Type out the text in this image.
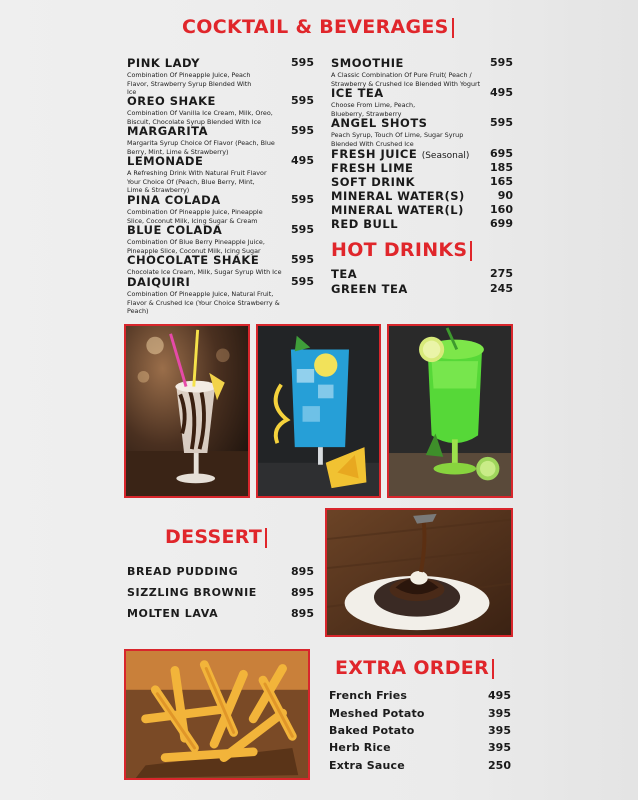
COCKTAIL & BEVERAGES
PINK LADY	595
Combination Of Pineapple Juice, Peach Flavor, Strawberry Syrup Blended With Ice
OREO SHAKE	595
Combination Of Vanilla Ice Cream, Milk, Oreo, Biscuit, Chocolate Syrup Blended With Ice
MARGARITA	595
Margarita Syrup Choice Of Flavor (Peach, Blue Berry, Mint, Lime & Strawberry)
LEMONADE	495
A Refreshing Drink With Natural Fruit Flavor Your Choice Of (Peach, Blue Berry, Mint, Lime & Strawberry)
PINA COLADA	595
Combination Of Pineapple Juice, Pineapple Slice, Coconut Milk, Icing Sugar & Cream
BLUE COLADA	595
Combination Of Blue Berry Pineapple Juice, Pineapple Slice, Coconut Milk, Icing Sugar
CHOCOLATE SHAKE	595
Chocolate Ice Cream, Milk, Sugar Syrup With Ice
DAIQUIRI	595
Combination Of Pineapple Juice, Natural Fruit, Flavor & Crushed Ice (Your Choice Strawberry & Peach)
SMOOTHIE	595
A Classic Combination Of Pure Fruit( Peach / Strawberry & Crushed Ice Blended With Yogurt
ICE TEA	495
Choose From Lime, Peach, Blueberry, Strawberry
ANGEL SHOTS	595
Peach Syrup, Touch Of Lime, Sugar Syrup Blended With Crushed Ice
FRESH JUICE (Seasonal)	695
FRESH LIME	185
SOFT DRINK	165
MINERAL WATER(S)	90
MINERAL WATER(L)	160
RED BULL	699
HOT DRINKS
TEA	275
GREEN TEA	245
DESSERT
BREAD PUDDING	895
SIZZLING BROWNIE	895
MOLTEN LAVA	895
EXTRA ORDER
French Fries	495
Meshed Potato	395
Baked Potato	395
Herb Rice	395
Extra Sauce	250
